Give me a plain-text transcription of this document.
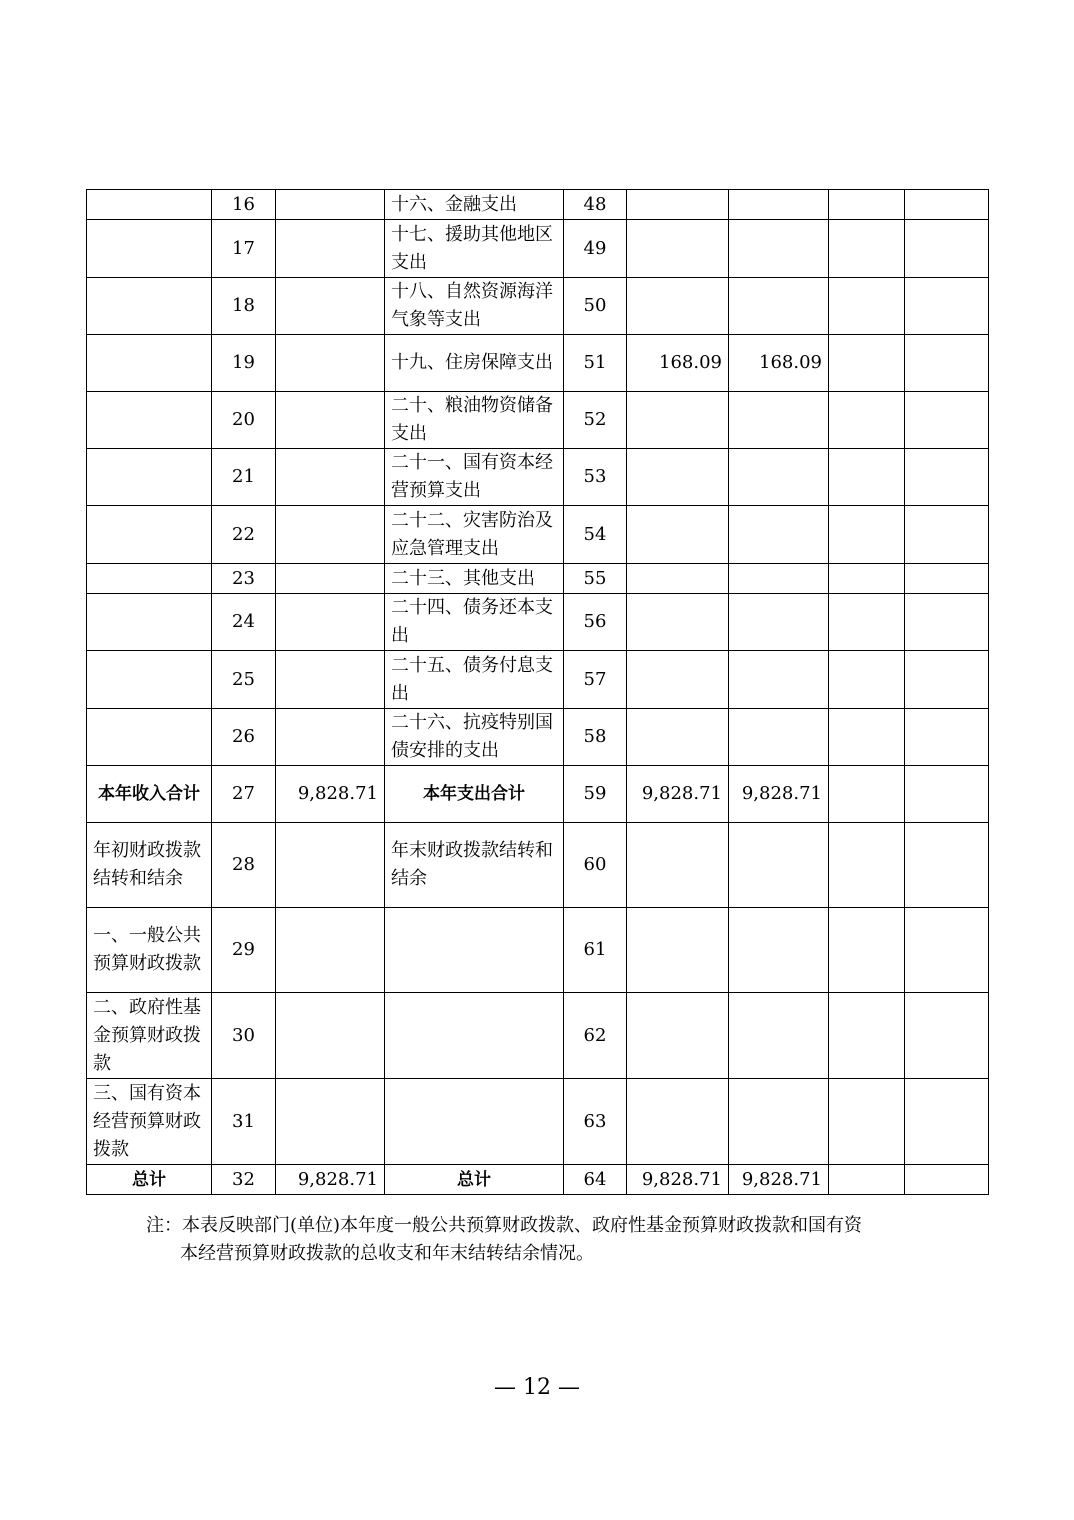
	16		十六、金融支出	48				
	17		十七、援助其他地区支出	49				
	18		十八、自然资源海洋气象等支出	50				
	19		十九、住房保障支出	51	168.09	168.09		
	20		二十、粮油物资储备支出	52				
	21		二十一、国有资本经营预算支出	53				
	22		二十二、灾害防治及应急管理支出	54				
	23		二十三、其他支出	55				
	24		二十四、债务还本支出	56				
	25		二十五、债务付息支出	57				
	26		二十六、抗疫特别国债安排的支出	58				
本年收入合计	27	9,828.71	本年支出合计	59	9,828.71	9,828.71		
年初财政拨款结转和结余	28		年末财政拨款结转和结余	60				
一、一般公共预算财政拨款	29			61				
二、政府性基金预算财政拨款	30			62				
三、国有资本经营预算财政拨款	31			63				
总计	32	9,828.71	总计	64	9,828.71	9,828.71		
注：本表反映部门(单位)本年度一般公共预算财政拨款、政府性基金预算财政拨款和国有资
本经营预算财政拨款的总收支和年末结转结余情况。
— 12 —
